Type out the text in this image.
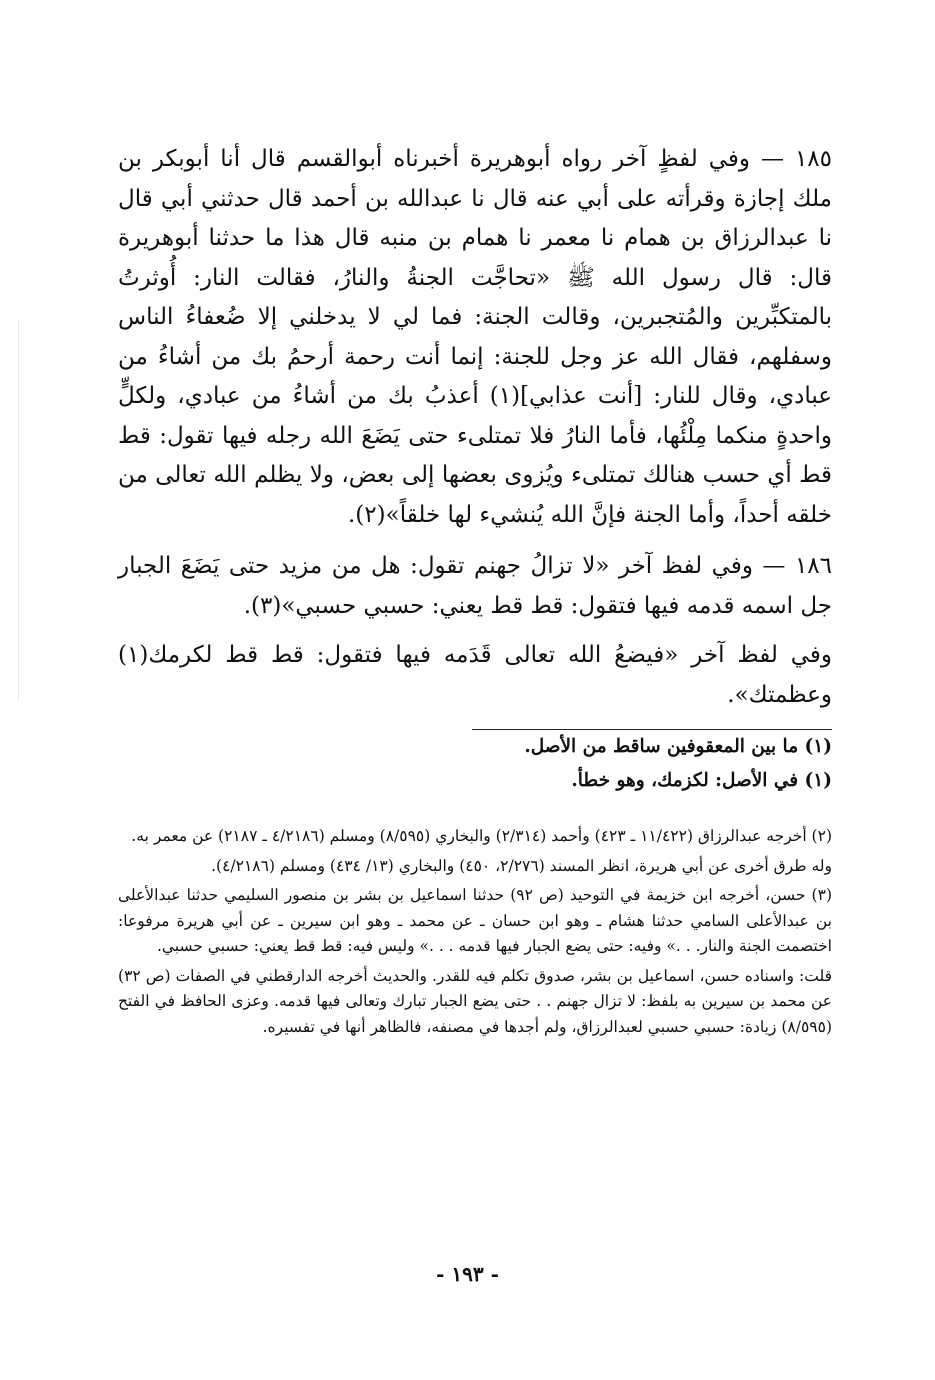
١٨٥ — وفي لفظٍ آخر رواه أبوهريرة أخبرناه أبوالقسم قال أنا أبوبكر بن ملك إجازة وقرأته على أبي عنه قال نا عبدالله بن أحمد قال حدثني أبي قال نا عبدالرزاق بن همام نا معمر نا همام بن منبه قال هذا ما حدثنا أبوهريرة قال: قال رسول الله ﷺ «تحاجَّت الجنةُ والنارُ، فقالت النار: أُوثرتُ بالمتكبِّرين والمُتجبرين، وقالت الجنة: فما لي لا يدخلني إلا ضُعفاءُ الناس وسفلهم، فقال الله عز وجل للجنة: إنما أنت رحمة أرحمُ بك من أشاءُ من عبادي، وقال للنار: [أنت عذابي](١) أعذبُ بك من أشاءُ من عبادي، ولكلٍّ واحدةٍ منكما مِلْئُها، فأما النارُ فلا تمتلىء حتى يَضَعَ الله رجله فيها تقول: قط قط أي حسب هنالك تمتلىء ويُزوى بعضها إلى بعض، ولا يظلم الله تعالى من خلقه أحداً، وأما الجنة فإنَّ الله يُنشيء لها خلقاً»(٢).

١٨٦ — وفي لفظ آخر «لا تزالُ جهنم تقول: هل من مزيد حتى يَضَعَ الجبار جل اسمه قدمه فيها فتقول: قط قط يعني: حسبي حسبي»(٣).

وفي لفظ آخر «فيضعُ الله تعالى قَدَمه فيها فتقول: قط قط لكرمك(١) وعظمتك».

(١) ما بين المعقوفين ساقط من الأصل.

(١) في الأصل: لكزمك، وهو خطأ.

(٢) أخرجه عبدالرزاق (١١/٤٢٢ ـ ٤٢٣) وأحمد (٢/٣١٤) والبخاري (٨/٥٩٥) ومسلم (٤/٢١٨٦ ـ ٢١٨٧) عن معمر به.

وله طرق أخرى عن أبي هريرة، انظر المسند (٢/٢٧٦، ٤٥٠) والبخاري (١٣/ ٤٣٤) ومسلم (٤/٢١٨٦).

(٣) حسن، أخرجه ابن خزيمة في التوحيد (ص ٩٢) حدثنا اسماعيل بن بشر بن منصور السليمي حدثنا عبدالأعلى بن عبدالأعلى السامي حدثنا هشام ـ وهو ابن حسان ـ عن محمد ـ وهو ابن سيرين ـ عن أبي هريرة مرفوعا: اختصمت الجنة والنار. . .» وفيه: حتى يضع الجبار فيها قدمه . . .» وليس فيه: قط قط يعني: حسبي حسبي.

قلت: واسناده حسن، اسماعيل بن بشر، صدوق تكلم فيه للقدر. والحديث أخرجه الدارقطني في الصفات (ص ٣٢) عن محمد بن سيرين به بلفظ: لا تزال جهنم . . حتى يضع الجبار تبارك وتعالى فيها قدمه. وعزى الحافظ في الفتح (٨/٥٩٥) زيادة: حسبي حسبي لعبدالرزاق، ولم أجدها في مصنفه، فالظاهر أنها في تفسيره.

- ١٩٣ -
